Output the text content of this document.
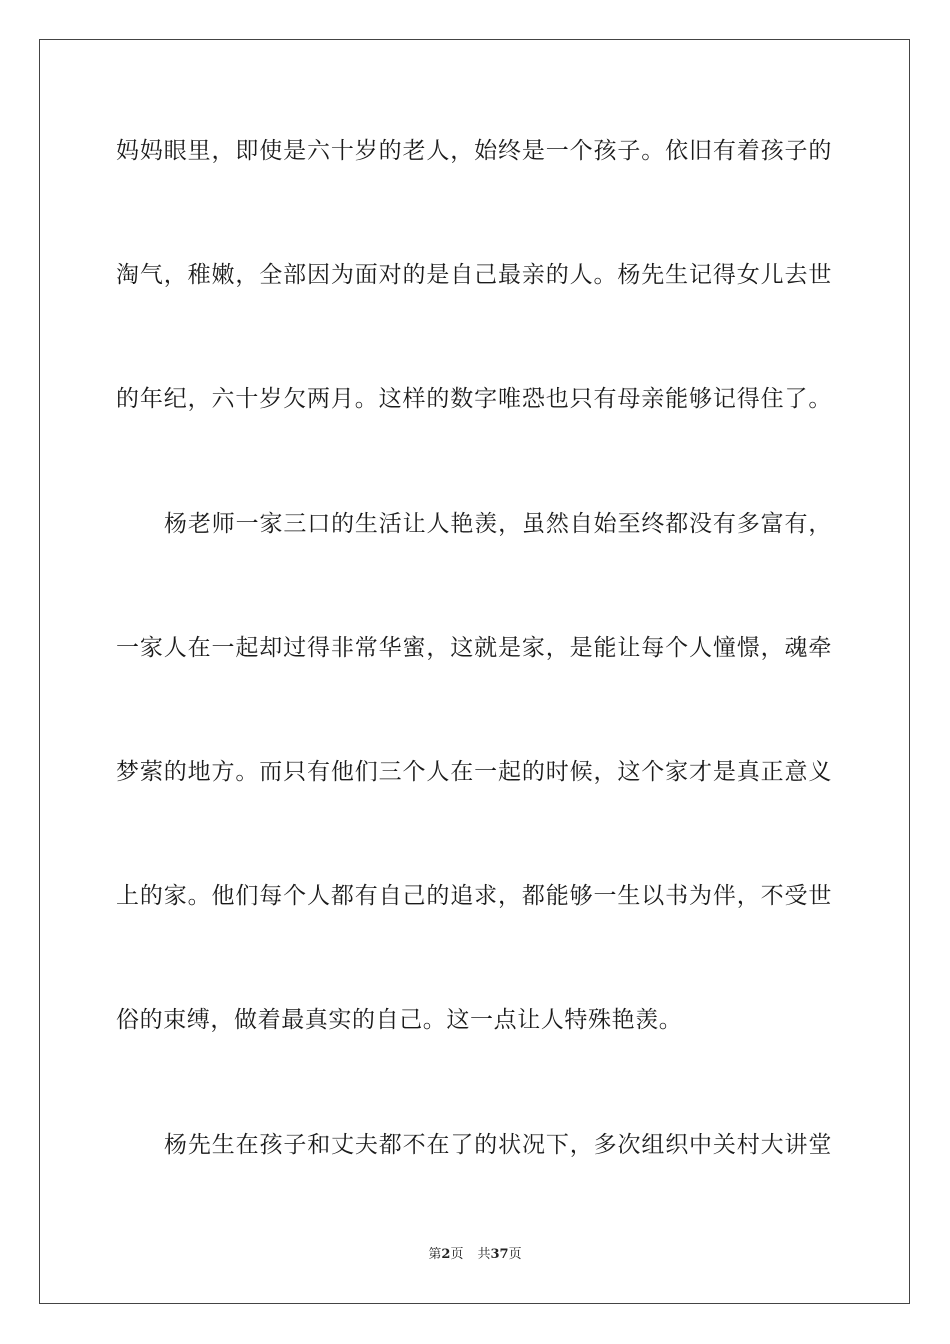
妈妈眼里，即使是六十岁的老人，始终是一个孩子。依旧有着孩子的
淘气，稚嫩，全部因为面对的是自己最亲的人。杨先生记得女儿去世
的年纪，六十岁欠两月。这样的数字唯恐也只有母亲能够记得住了。
杨老师一家三口的生活让人艳羡，虽然自始至终都没有多富有，
一家人在一起却过得非常华蜜，这就是家，是能让每个人憧憬，魂牵
梦萦的地方。而只有他们三个人在一起的时候，这个家才是真正意义
上的家。他们每个人都有自己的追求，都能够一生以书为伴，不受世
俗的束缚，做着最真实的自己。这一点让人特殊艳羡。
杨先生在孩子和丈夫都不在了的状况下，多次组织中关村大讲堂
第2页 共37页
